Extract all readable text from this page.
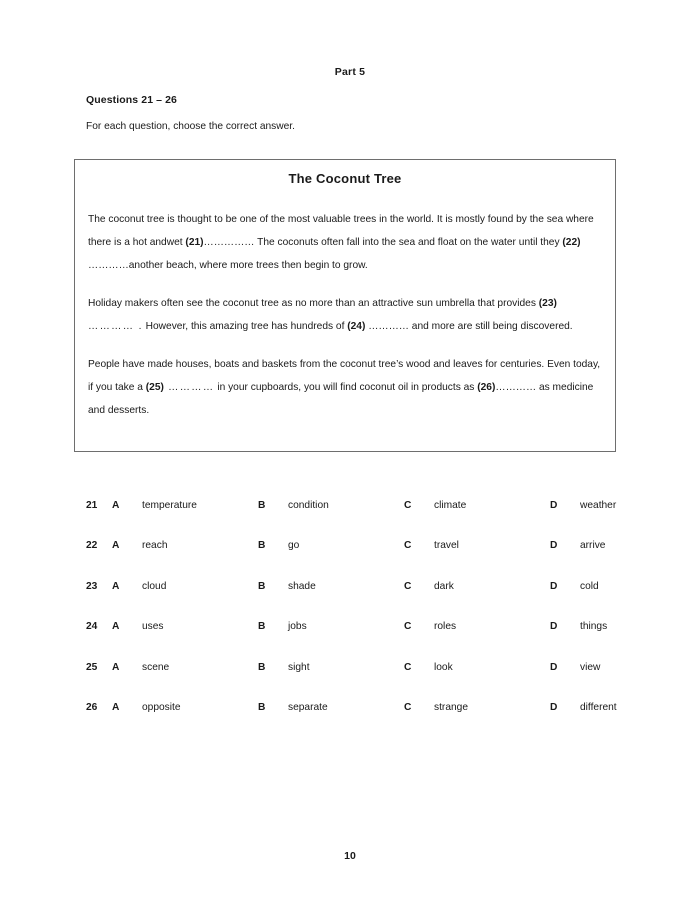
Part 5
Questions 21 – 26
For each question, choose the correct answer.
The Coconut Tree

The coconut tree is thought to be one of the most valuable trees in the world. It is mostly found by the sea where there is a hot andwet (21)…………… The coconuts often fall into the sea and float on the water until they (22) …………another beach, where more trees then begin to grow.

Holiday makers often see the coconut tree as no more than an attractive sun umbrella that provides (23) ………… . However, this amazing tree has hundreds of (24) ………… and more are still being discovered.

People have made houses, boats and baskets from the coconut tree’s wood and leaves for centuries. Even today, if you take a (25) ………… in your cupboards, you will find coconut oil in products as (26)………… as medicine and desserts.

21	A	temperature	B	condition	C	climate	D	weather
22	A	reach	B	go	C	travel	D	arrive
23	A	cloud	B	shade	C	dark	D	cold
24	A	uses	B	jobs	C	roles	D	things
25	A	scene	B	sight	C	look	D	view
26	A	opposite	B	separate	C	strange	D	different
10
